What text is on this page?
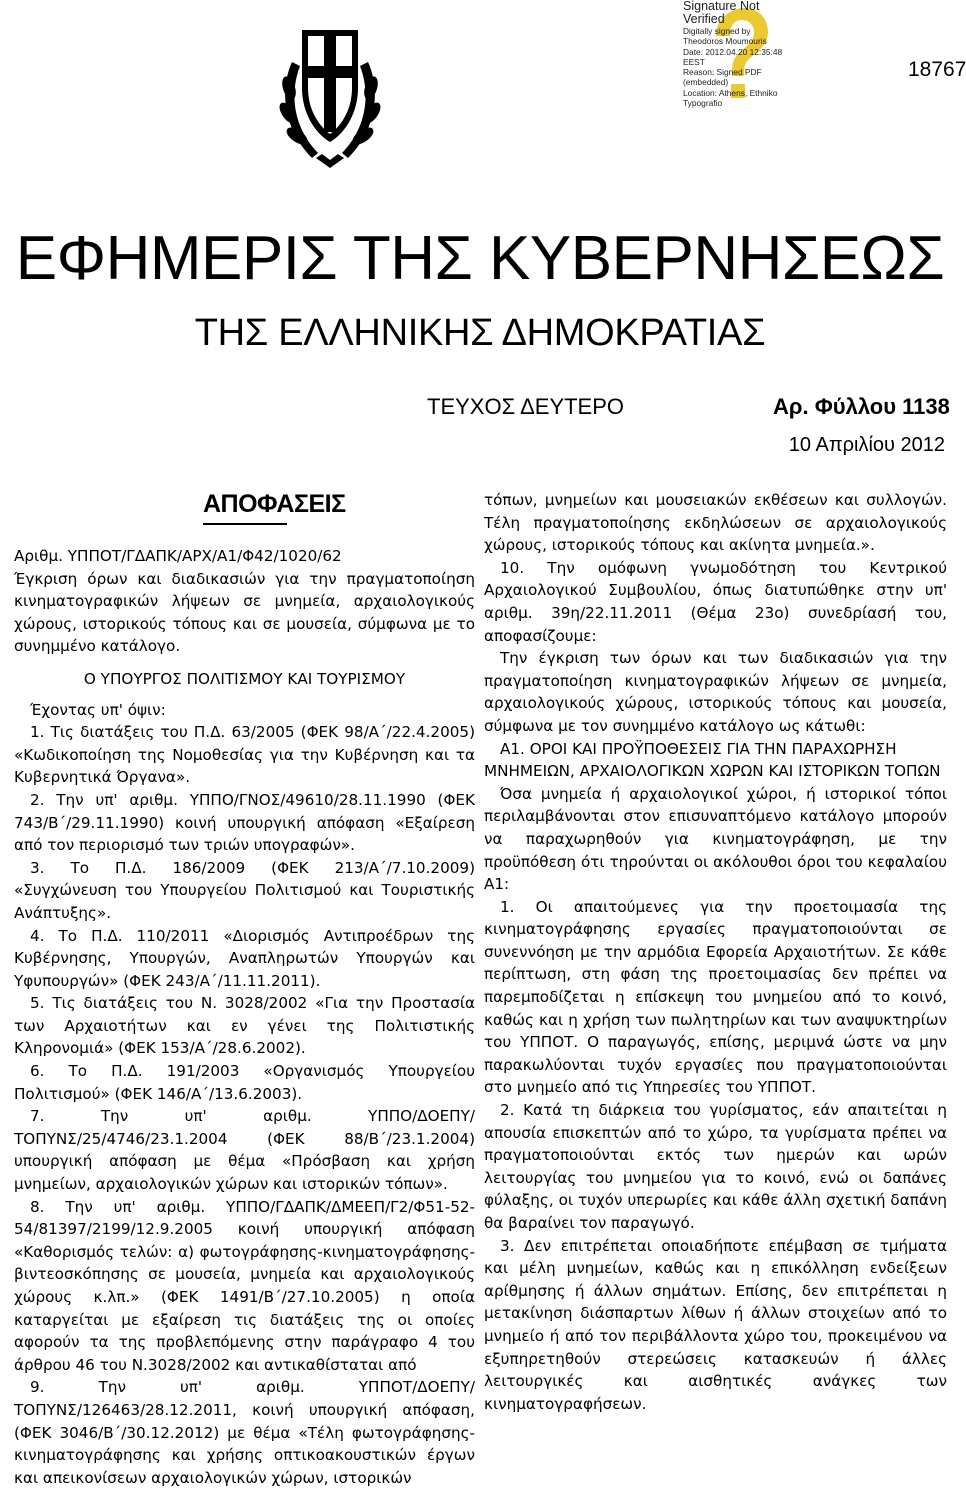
Signature Not
Verified
Digitally signed by
Theodoros Moumouris
Date: 2012.04.20 12:35:48
EEST
Reason: Signed PDF
(embedded)
Location: Athens, Ethniko
Typografio
18767
ΕΦΗΜΕΡΙΣ ΤΗΣ ΚΥΒΕΡΝΗΣΕΩΣ
ΤΗΣ ΕΛΛΗΝΙΚΗΣ ΔΗΜΟΚΡΑΤΙΑΣ
ΤΕΥΧΟΣ ΔΕΥΤΕΡΟ	Αρ. Φύλλου 1138
10 Απριλίου 2012
ΑΠΟΦΑΣΕΙΣ

Αριθμ. ΥΠΠΟΤ/ΓΔΑΠΚ/ΑΡΧ/Α1/Φ42/1020/62

Έγκριση όρων και διαδικασιών για την πραγματοποίηση κινηματογραφικών λήψεων σε μνημεία, αρχαιολογικούς χώρους, ιστορικούς τόπους και σε μουσεία, σύμφωνα με το συνημμένο κατάλογο.

Ο ΥΠΟΥΡΓΟΣ ΠΟΛΙΤΙΣΜΟΥ ΚΑΙ ΤΟΥΡΙΣΜΟΥ

Έχοντας υπ' όψιν:

1. Τις διατάξεις του Π.Δ. 63/2005 (ΦΕΚ 98/Α΄/22.4.2005) «Κωδικοποίηση της Νομοθεσίας για την Κυβέρνηση και τα Κυβερνητικά Όργανα».

2. Την υπ' αριθμ. ΥΠΠΟ/ΓΝΟΣ/49610/28.11.1990 (ΦΕΚ 743/Β΄/29.11.1990) κοινή υπουργική απόφαση «Εξαίρεση από τον περιορισμό των τριών υπογραφών».

3. Το Π.Δ. 186/2009 (ΦΕΚ 213/Α΄/7.10.2009) «Συγχώνευση του Υπουργείου Πολιτισμού και Τουριστικής Ανάπτυξης».

4. Το Π.Δ. 110/2011 «Διορισμός Αντιπροέδρων της Κυβέρνησης, Υπουργών, Αναπληρωτών Υπουργών και Υφυπουργών» (ΦΕΚ 243/Α΄/11.11.2011).

5. Τις διατάξεις του Ν. 3028/2002 «Για την Προστασία των Αρχαιοτήτων και εν γένει της Πολιτιστικής Κληρονομιά» (ΦΕΚ 153/Α΄/28.6.2002).

6. Το Π.Δ. 191/2003 «Οργανισμός Υπουργείου Πολιτισμού» (ΦΕΚ 146/Α΄/13.6.2003).

7. Την υπ' αριθμ. ΥΠΠΟ/ΔΟΕΠΥ/ΤΟΠΥΝΣ/25/4746/23.1.2004 (ΦΕΚ 88/Β΄/23.1.2004) υπουργική απόφαση με θέμα «Πρόσβαση και χρήση μνημείων, αρχαιολογικών χώρων και ιστορικών τόπων».

8. Την υπ' αριθμ. ΥΠΠΟ/ΓΔΑΠΚ/ΔΜΕΕΠ/Γ2/Φ51-52-54/81397/2199/12.9.2005 κοινή υπουργική απόφαση «Καθορισμός τελών: α) φωτογράφησης-κινηματογράφησης-βιντεοσκόπησης σε μουσεία, μνημεία και αρχαιολογικούς χώρους κ.λπ.» (ΦΕΚ 1491/Β΄/27.10.2005) η οποία καταργείται με εξαίρεση τις διατάξεις της οι οποίες αφορούν τα της προβλεπόμενης στην παράγραφο 4 του άρθρου 46 του Ν.3028/2002 και αντικαθίσταται από

9. Την υπ' αριθμ. ΥΠΠΟΤ/ΔΟΕΠΥ/ΤΟΠΥΝΣ/126463/28.12.2011, κοινή υπουργική απόφαση, (ΦΕΚ 3046/Β΄/30.12.2012) με θέμα «Τέλη φωτογράφησης-κινηματογράφησης και χρήσης οπτικοακουστικών έργων και απεικονίσεων αρχαιολογικών χώρων, ιστορικών

τόπων, μνημείων και μουσειακών εκθέσεων και συλλογών. Τέλη πραγματοποίησης εκδηλώσεων σε αρχαιολογικούς χώρους, ιστορικούς τόπους και ακίνητα μνημεία.».

10. Την ομόφωνη γνωμοδότηση του Κεντρικού Αρχαιολογικού Συμβουλίου, όπως διατυπώθηκε στην υπ' αριθμ. 39η/22.11.2011 (Θέμα 23ο) συνεδρίασή του, αποφασίζουμε:

Την έγκριση των όρων και των διαδικασιών για την πραγματοποίηση κινηματογραφικών λήψεων σε μνημεία, αρχαιολογικούς χώρους, ιστορικούς τόπους και μουσεία, σύμφωνα με τον συνημμένο κατάλογο ως κάτωθι:

Α1. ΟΡΟΙ ΚΑΙ ΠΡΟΫΠΟΘΕΣΕΙΣ ΓΙΑ ΤΗΝ ΠΑΡΑΧΩΡΗΣΗ ΜΝΗΜΕΙΩΝ, ΑΡΧΑΙΟΛΟΓΙΚΩΝ ΧΩΡΩΝ ΚΑΙ ΙΣΤΟΡΙΚΩΝ ΤΟΠΩΝ

Όσα μνημεία ή αρχαιολογικοί χώροι, ή ιστορικοί τόποι περιλαμβάνονται στον επισυναπτόμενο κατάλογο μπορούν να παραχωρηθούν για κινηματογράφηση, με την προϋπόθεση ότι τηρούνται οι ακόλουθοι όροι του κεφαλαίου Α1:

1. Οι απαιτούμενες για την προετοιμασία της κινηματογράφησης εργασίες πραγματοποιούνται σε συνεννόηση με την αρμόδια Εφορεία Αρχαιοτήτων. Σε κάθε περίπτωση, στη φάση της προετοιμασίας δεν πρέπει να παρεμποδίζεται η επίσκεψη του μνημείου από το κοινό, καθώς και η χρήση των πωλητηρίων και των αναψυκτηρίων του ΥΠΠΟΤ. Ο παραγωγός, επίσης, μεριμνά ώστε να μην παρακωλύονται τυχόν εργασίες που πραγματοποιούνται στο μνημείο από τις Υπηρεσίες του ΥΠΠΟΤ.

2. Κατά τη διάρκεια του γυρίσματος, εάν απαιτείται η απουσία επισκεπτών από το χώρο, τα γυρίσματα πρέπει να πραγματοποιούνται εκτός των ημερών και ωρών λειτουργίας του μνημείου για το κοινό, ενώ οι δαπάνες φύλαξης, οι τυχόν υπερωρίες και κάθε άλλη σχετική δαπάνη θα βαραίνει τον παραγωγό.

3. Δεν επιτρέπεται οποιαδήποτε επέμβαση σε τμήματα και μέλη μνημείων, καθώς και η επικόλληση ενδείξεων αρίθμησης ή άλλων σημάτων. Επίσης, δεν επιτρέπεται η μετακίνηση διάσπαρτων λίθων ή άλλων στοιχείων από το μνημείο ή από τον περιβάλλοντα χώρο του, προκειμένου να εξυπηρετηθούν στερεώσεις κατασκευών ή άλλες λειτουργικές και αισθητικές ανάγκες των κινηματογραφήσεων.
